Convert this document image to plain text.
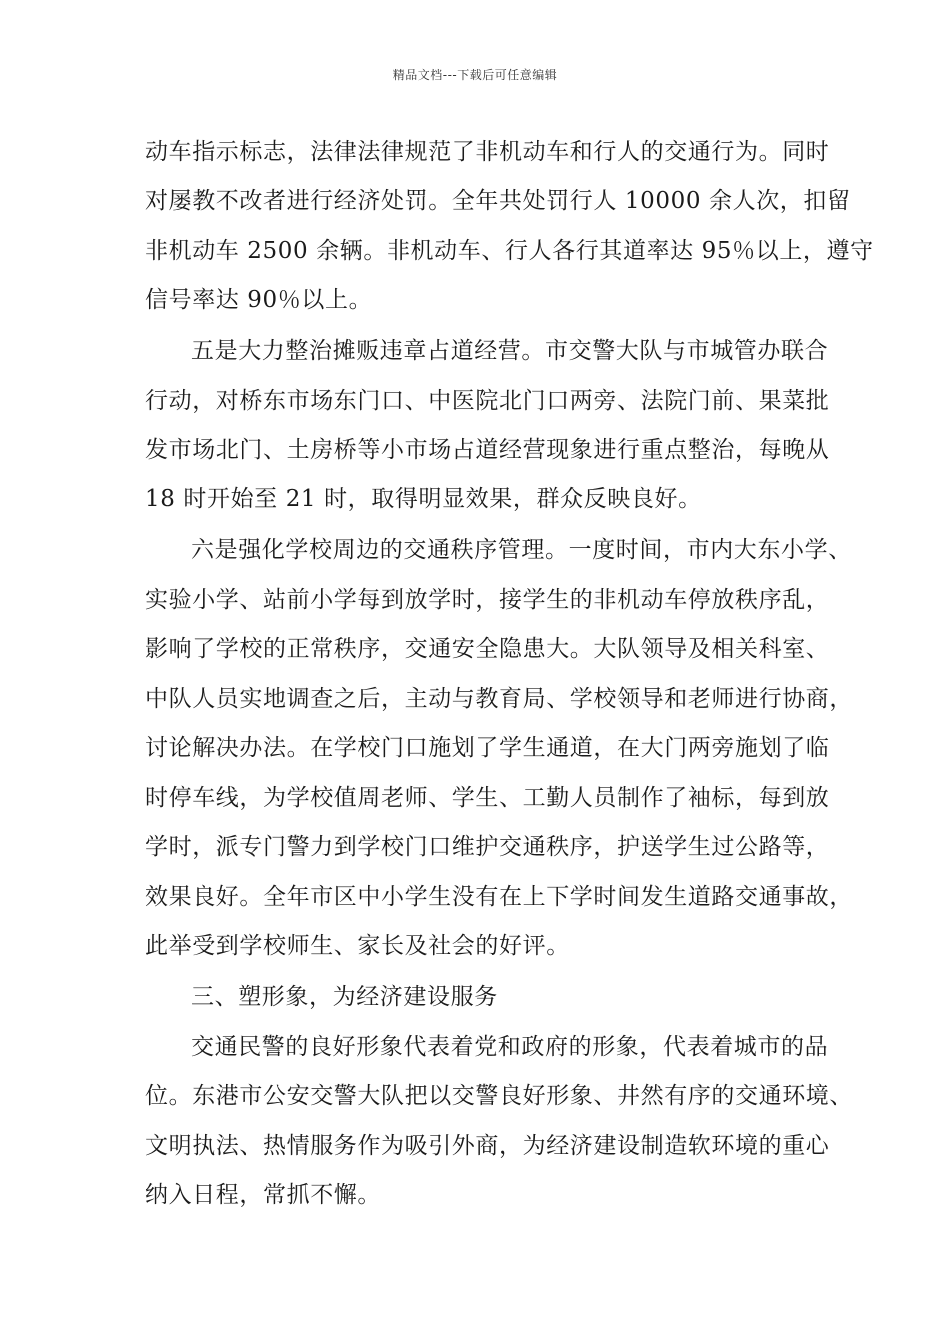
精品文档---下载后可任意编辑
动车指示标志，法律法律规范了非机动车和行人的交通行为。同时
对屡教不改者进行经济处罚。全年共处罚行人 10000 余人次，扣留
非机动车 2500 余辆。非机动车、行人各行其道率达 95％以上，遵守
信号率达 90％以上。
五是大力整治摊贩违章占道经营。市交警大队与市城管办联合
行动，对桥东市场东门口、中医院北门口两旁、法院门前、果菜批
发市场北门、土房桥等小市场占道经营现象进行重点整治，每晚从
18 时开始至 21 时，取得明显效果，群众反映良好。
六是强化学校周边的交通秩序管理。一度时间，市内大东小学、
实验小学、站前小学每到放学时，接学生的非机动车停放秩序乱，
影响了学校的正常秩序，交通安全隐患大。大队领导及相关科室、
中队人员实地调查之后，主动与教育局、学校领导和老师进行协商，
讨论解决办法。在学校门口施划了学生通道，在大门两旁施划了临
时停车线，为学校值周老师、学生、工勤人员制作了袖标，每到放
学时，派专门警力到学校门口维护交通秩序，护送学生过公路等，
效果良好。全年市区中小学生没有在上下学时间发生道路交通事故，
此举受到学校师生、家长及社会的好评。
三、塑形象，为经济建设服务
交通民警的良好形象代表着党和政府的形象，代表着城市的品
位。东港市公安交警大队把以交警良好形象、井然有序的交通环境、
文明执法、热情服务作为吸引外商，为经济建设制造软环境的重心
纳入日程，常抓不懈。
